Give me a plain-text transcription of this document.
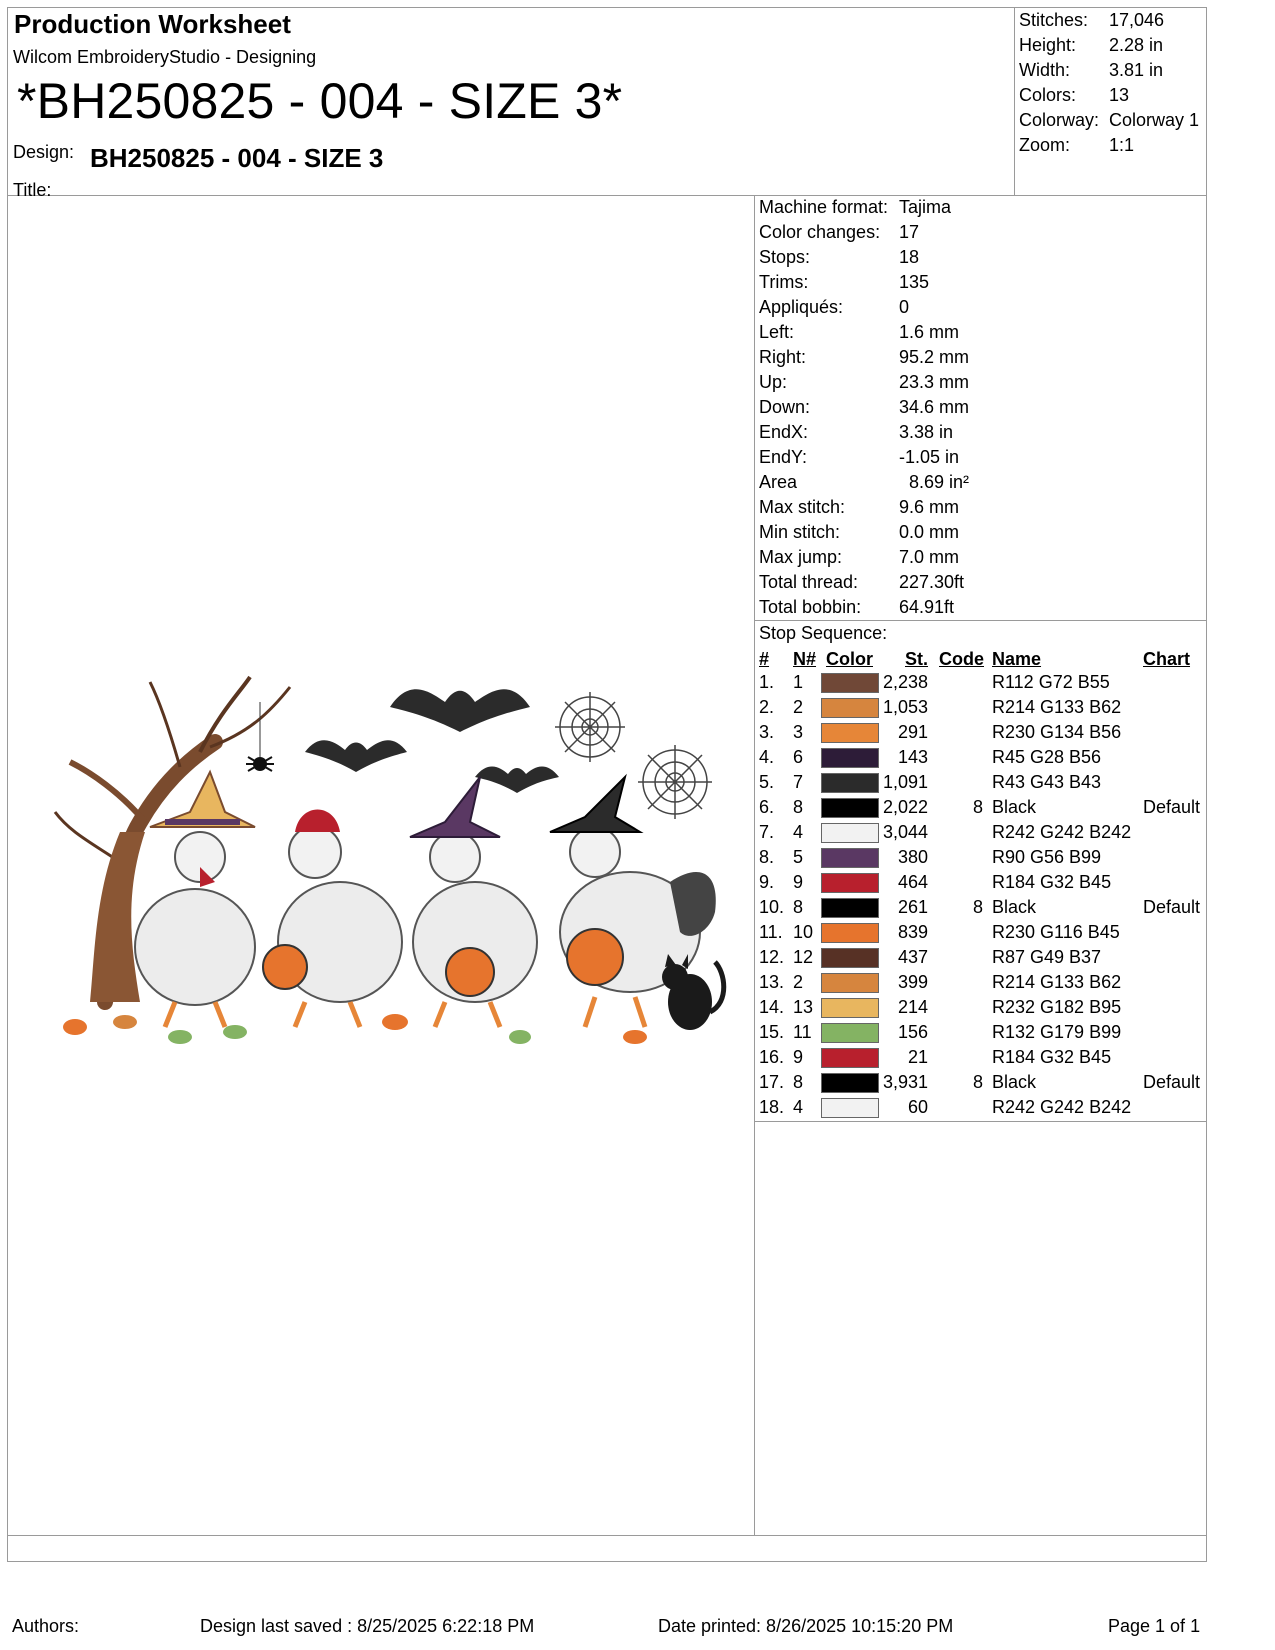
Production Worksheet
Wilcom EmbroideryStudio - Designing
*BH250825 - 004 - SIZE 3*
Design: BH250825 - 004 - SIZE 3
Title:
Stitches: 17,046
Height: 2.28 in
Width: 3.81 in
Colors: 13
Colorway: Colorway 1
Zoom: 1:1
Machine format: Tajima
Color changes: 17
Stops:	18
Trims:	135
Appliqués:	0
Left:	1.6 mm
Right:	95.2 mm
Up:	23.3 mm
Down:	34.6 mm
EndX:	3.38 in
EndY:	-1.05 in
Area	8.69 in²
Max stitch:	9.6 mm
Min stitch:	0.0 mm
Max jump:	7.0 mm
Total thread: 227.30ft
Total bobbin: 64.91ft
Stop Sequence:
# N# Color St. Code Name	Chart
1. 1	2,238	R112 G72 B55
2. 2	1,053	R214 G133 B62
3. 3	291	R230 G134 B56
4. 6	143	R45 G28 B56
5. 7	1,091	R43 G43 B43
6. 8	2,022 8 Black	Default
7. 4	3,044	R242 G242 B242
8. 5	380	R90 G56 B99
9. 9	464	R184 G32 B45
10. 8	261 8 Black	Default
11. 10	839	R230 G116 B45
12. 12	437	R87 G49 B37
13. 2	399	R214 G133 B62
14. 13	214	R232 G182 B95
15. 11	156	R132 G179 B99
16. 9	21	R184 G32 B45
17. 8	3,931 8 Black	Default
18. 4	60	R242 G242 B242
Authors:	Design last saved : 8/25/2025 6:22:18 PM	Date printed: 8/26/2025 10:15:20 PM	Page 1 of 1
